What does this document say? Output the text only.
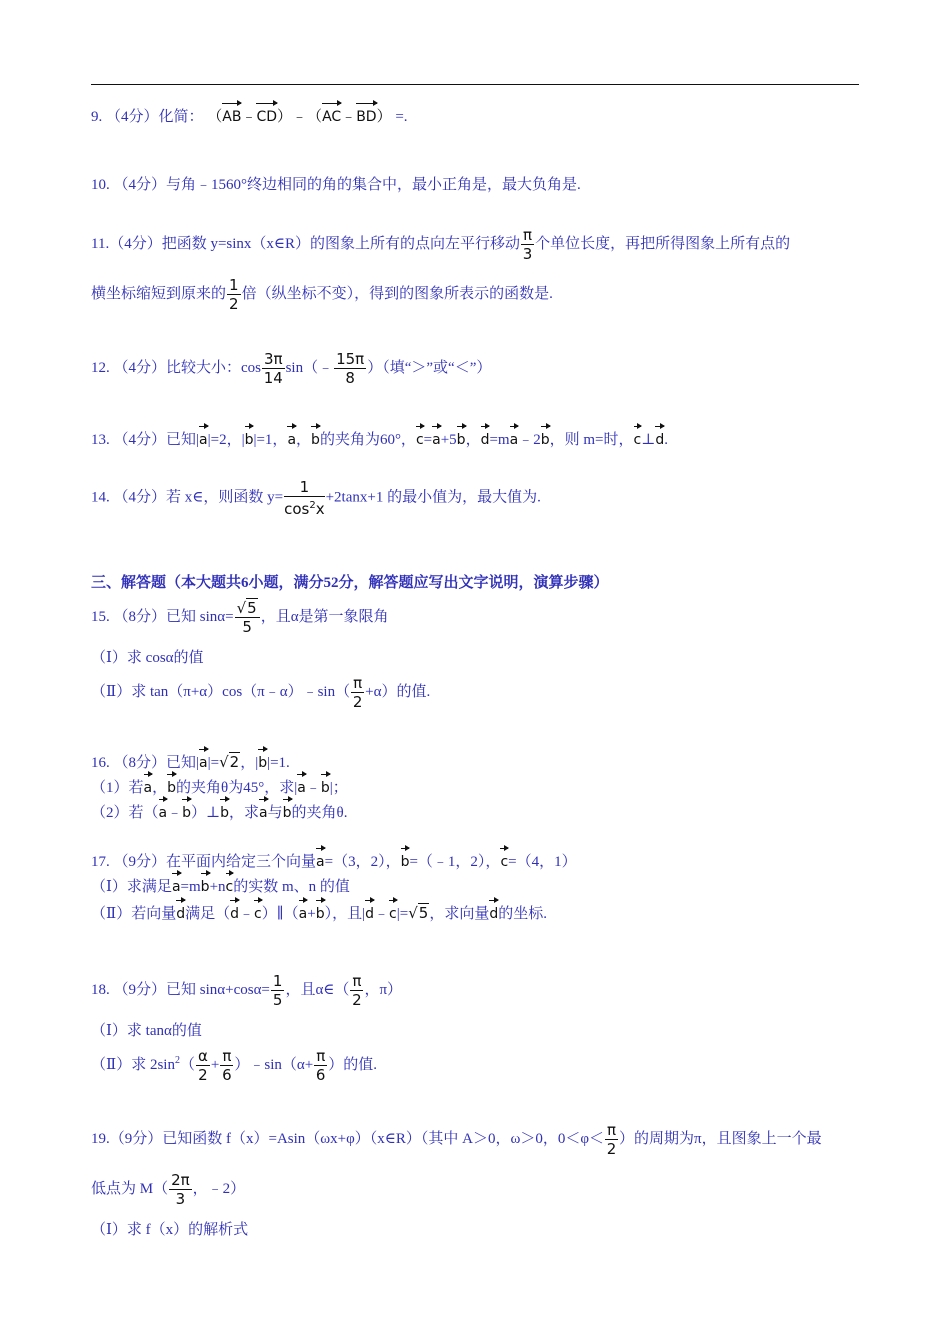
9. （4分）化简： （AB﹣CD）﹣（AC﹣BD） =.
10. （4分）与角﹣1560°终边相同的角的集合中，最小正角是，最大负角是.
11.（4分）把函数 y=sinx（x∈R）的图象上所有的点向左平行移动 $\frac{\pi}{3}$ 个单位长度，再把所得图象上所有点的
横坐标缩短到原来的 $\frac{1}{2}$ 倍（纵坐标不变），得到的图象所表示的函数是.
12. （4分）比较大小：$\cos \frac{3\pi}{14}$ sin（﹣ $\frac{15\pi}{8}$ ）（填“＞”或“＜”）
13. （4分）已知|a|=2，|b|=1，a，b的夹角为60°，c=a+5b，d=ma﹣2b，则 m=时，c⊥d.
14. （4分）若 x∈，则函数 $y= \frac{1}{\cos^2x} +2\tan x+1$ 的最小值为，最大值为.
三、解答题（本大题共6小题，满分52分，解答题应写出文字说明，演算步骤）
15. （8分）已知 $\sin\alpha= \frac{√5}{5}$ ，且α是第一象限角
（Ⅰ）求 cosα的值
（Ⅱ）求 tan（π+α）cos（π﹣α）﹣sin（ $\frac{\pi}{2} +\alpha$）的值.
16. （8分）已知|a|=√2，|b|=1.
（1）若a，b的夹角θ为45°，求|a﹣b|；
（2）若（a﹣b）⊥b，求a与b的夹角θ.
17. （9分）在平面内给定三个向量a=（3，2），b=（﹣1，2），c=（4，1）
（Ⅰ）求满足a=mb+nc的实数 m、n 的值
（Ⅱ）若向量d满足（d﹣c）∥（a+b），且|d﹣c|=√5，求向量d的坐标.
18. （9分）已知 $\sin\alpha+\cos\alpha= \frac{1}{5}$ ，且α∈（ $\frac{\pi}{2}$ ，π）
（Ⅰ）求 tanα的值
（Ⅱ）求 $2\sin^2( \frac{\alpha}{2} + \frac{\pi}{6}$ ）﹣sin（α+ $\frac{\pi}{6}$ ）的值.
19.（9分）已知函数 f（x）=Asin（ωx+φ）（x∈R）（其中 A＞0，ω＞0，$0<\varphi< \frac{\pi}{2}$ ）的周期为π，且图象上一个最
低点为 $M( \frac{2\pi}{3}$ ，﹣2）
（Ⅰ）求 f（x）的解析式
